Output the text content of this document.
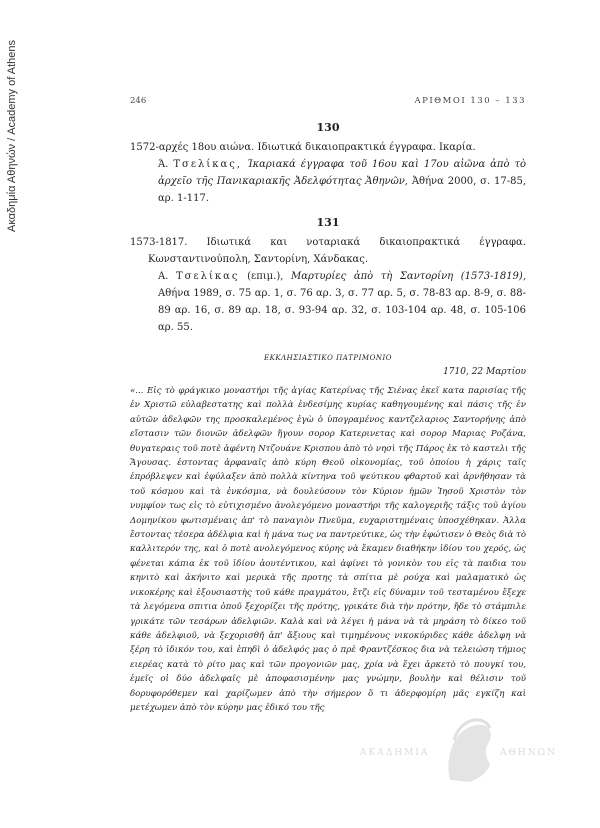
Ακαδημία Αθηνών / Academy of Athens	246	ΑΡΙΘΜΟΙ 130 – 133
130

1572-αρχές 18ου αιώνα. Ιδιωτικά δικαιοπρακτικά έγγραφα. Ικαρία.

Ά. Τσελίκας, Ίκαριακά έγγραφα τοῦ 16ου καὶ 17ου αἰῶνα ἀπὸ τὸ ἀρχεῖο τῆς Πανικαριακῆς Ἀδελφότητας Ἀθηνῶν, Ἀθήνα 2000, σ. 17-85, αρ. 1-117.

131

1573-1817. Ιδιωτικά και νοταριακά δικαιοπρακτικά έγγραφα. Κωνσταντινούπολη, Σαντορίνη, Χάνδακας.

Α. Τσελίκας (επιμ.), Μαρτυρίες ἀπὸ τὴ Σαντορίνη (1573-1819), Αθήνα 1989, σ. 75 αρ. 1, σ. 76 αρ. 3, σ. 77 αρ. 5, σ. 78-83 αρ. 8-9, σ. 88-89 αρ. 16, σ. 89 αρ. 18, σ. 93-94 αρ. 32, σ. 103-104 αρ. 48, σ. 105-106 αρ. 55.

ΕΚΚΛΗΣΙΑΣΤΙΚΟ ΠΑΤΡΙΜΟΝΙΟ
1710, 22 Μαρτίου

«... Εἰς τὸ φράγκικο μοναστήρι τῆς ἁγίας Κατερίνας τῆς Σιένας ἐκεῖ κατα παρισίας τῆς ἐν Χριστῶ εὐλαβεστατης καὶ πολλὰ ἐνδεσίμης κυρίας καθηγουμένης καὶ πάσις τῆς ἐν αὐτῶν ἀδελφῶν της προσκαλεμένος ἐγὼ ὁ ὑπογραμένος καντζελαριος Σαντορήνης ἀπὸ εἴστασιν τῶν διονῶν ἀδελφῶν ἤγουν σορορ Κατερινετας καὶ σορορ Μαριας Ροζάνα, θυγατεραις τοῦ ποτὲ ἀφέντη Ντζουάνε Κρισπου ἀπὸ τὸ νησὶ τῆς Πάρος ἐκ τὸ καστελι τῆς Ἄγουσας. ἐστοντας ἀρφαναῖς ἀπὸ κύρη Θεοῦ οἰκονομίας, τοῦ ὁποίου ἡ χάρις ταῖς ἐπρόβλεψεν καὶ ἐφύλαξεν ἀπὸ πολλὰ κίντηνα τοῦ ψεύτικου φθαρτοῦ καὶ ἀρνῆθησαν τὰ τοῦ κόσμου καὶ τὰ ἐνκόσμια, νὰ δουλεύσουν τὸν Κύριον ἡμῶν Ἰησοῦ Χριστὸν τὸν νυμφίον τως εἰς τὸ εὐτιχισμένο ἀνολεγόμενο μοναστήρι τῆς καλογεριῆς τάξις τοῦ ἁγίου Δομηνίκου φωτισμέναις ἀπ' τὸ παναγιὸν Πνεῦμα, ευχαριστημέναις ὑποσχέθηκαν. Ἀλλα ἔστοντας τέσερα ἀδέλφια καὶ ἡ μάνα τως να παντρεύτικε, ὡς τὴν ἐφώτισεν ὁ Θεὸς διὰ τὸ καλλιτερόν της, καὶ ὁ ποτὲ ανολεγόμενος κύρης νὰ ἔκαμεν διαθήκην ἰδίου του χερός, ὡς φένεται κάπια ἐκ τοῦ ἰδίου ἀουτέντικου, καὶ ἀφίνει τὸ γονικὸν του εἰς τὰ παιδια του κηνιτὸ καὶ ἀκήνιτο καὶ μερικὰ τῆς προτης τὰ σπίτια μὲ ρούχα καὶ μαλαματικὸ ὡς νικοκέρης καὶ ἐξουσιαστὴς τοῦ κάθε πραγμάτου, ἔτζι εἰς δύναμιν τοῦ τεσταμένου ἔξεχε τὰ λεγόμενα σπιτια ὁποῦ ξεχορίζει τῆς πρότης, γρικάτε διὰ τὴν πρότην, ἤδε τὸ στάμπιλε γρικάτε τῶν τεσάρων ἀδελφιῶν. Καλὰ καὶ νὰ λέγει ἡ μάνα νὰ τὰ μηράση τὸ δίκεο τοῦ κάθε ἀδελφιοῦ, νὰ ξεχορισθῆ ἀπ' ἄξιους καὶ τιμημένους νικοκύριδες κάθε ἀδελφη νὰ ξέρη τὸ ἰδικόν του, καὶ ἐπηδὶ ὁ ἀδελφός μας ὁ πρὲ Φραντζέσκος δια νὰ τελειώση τήμιος ειερέας κατὰ τὸ ρίτο μας καὶ τῶν προγονιῶν μας, χρία νὰ ἔχει ἀρκετὸ τὸ πουγκί του, ἐμεῖς οἱ δύο ἀδελφαῖς μὲ ἀποφασισμένην μας γνώμην, βουλὴν καὶ θέλισιν τοῦ δορυφορόθεμεν καὶ χαρίζωμεν ἀπὸ τὴν σήμερον ὅ τι ἀδερφομίρη μᾶς εγκίζη καὶ μετέχωμεν ἀπὸ τὸν κύρην μας ἐδικό του τῆς

ΑΚΑΔΗΜΙΑ	ΑΘΗΝΩΝ
